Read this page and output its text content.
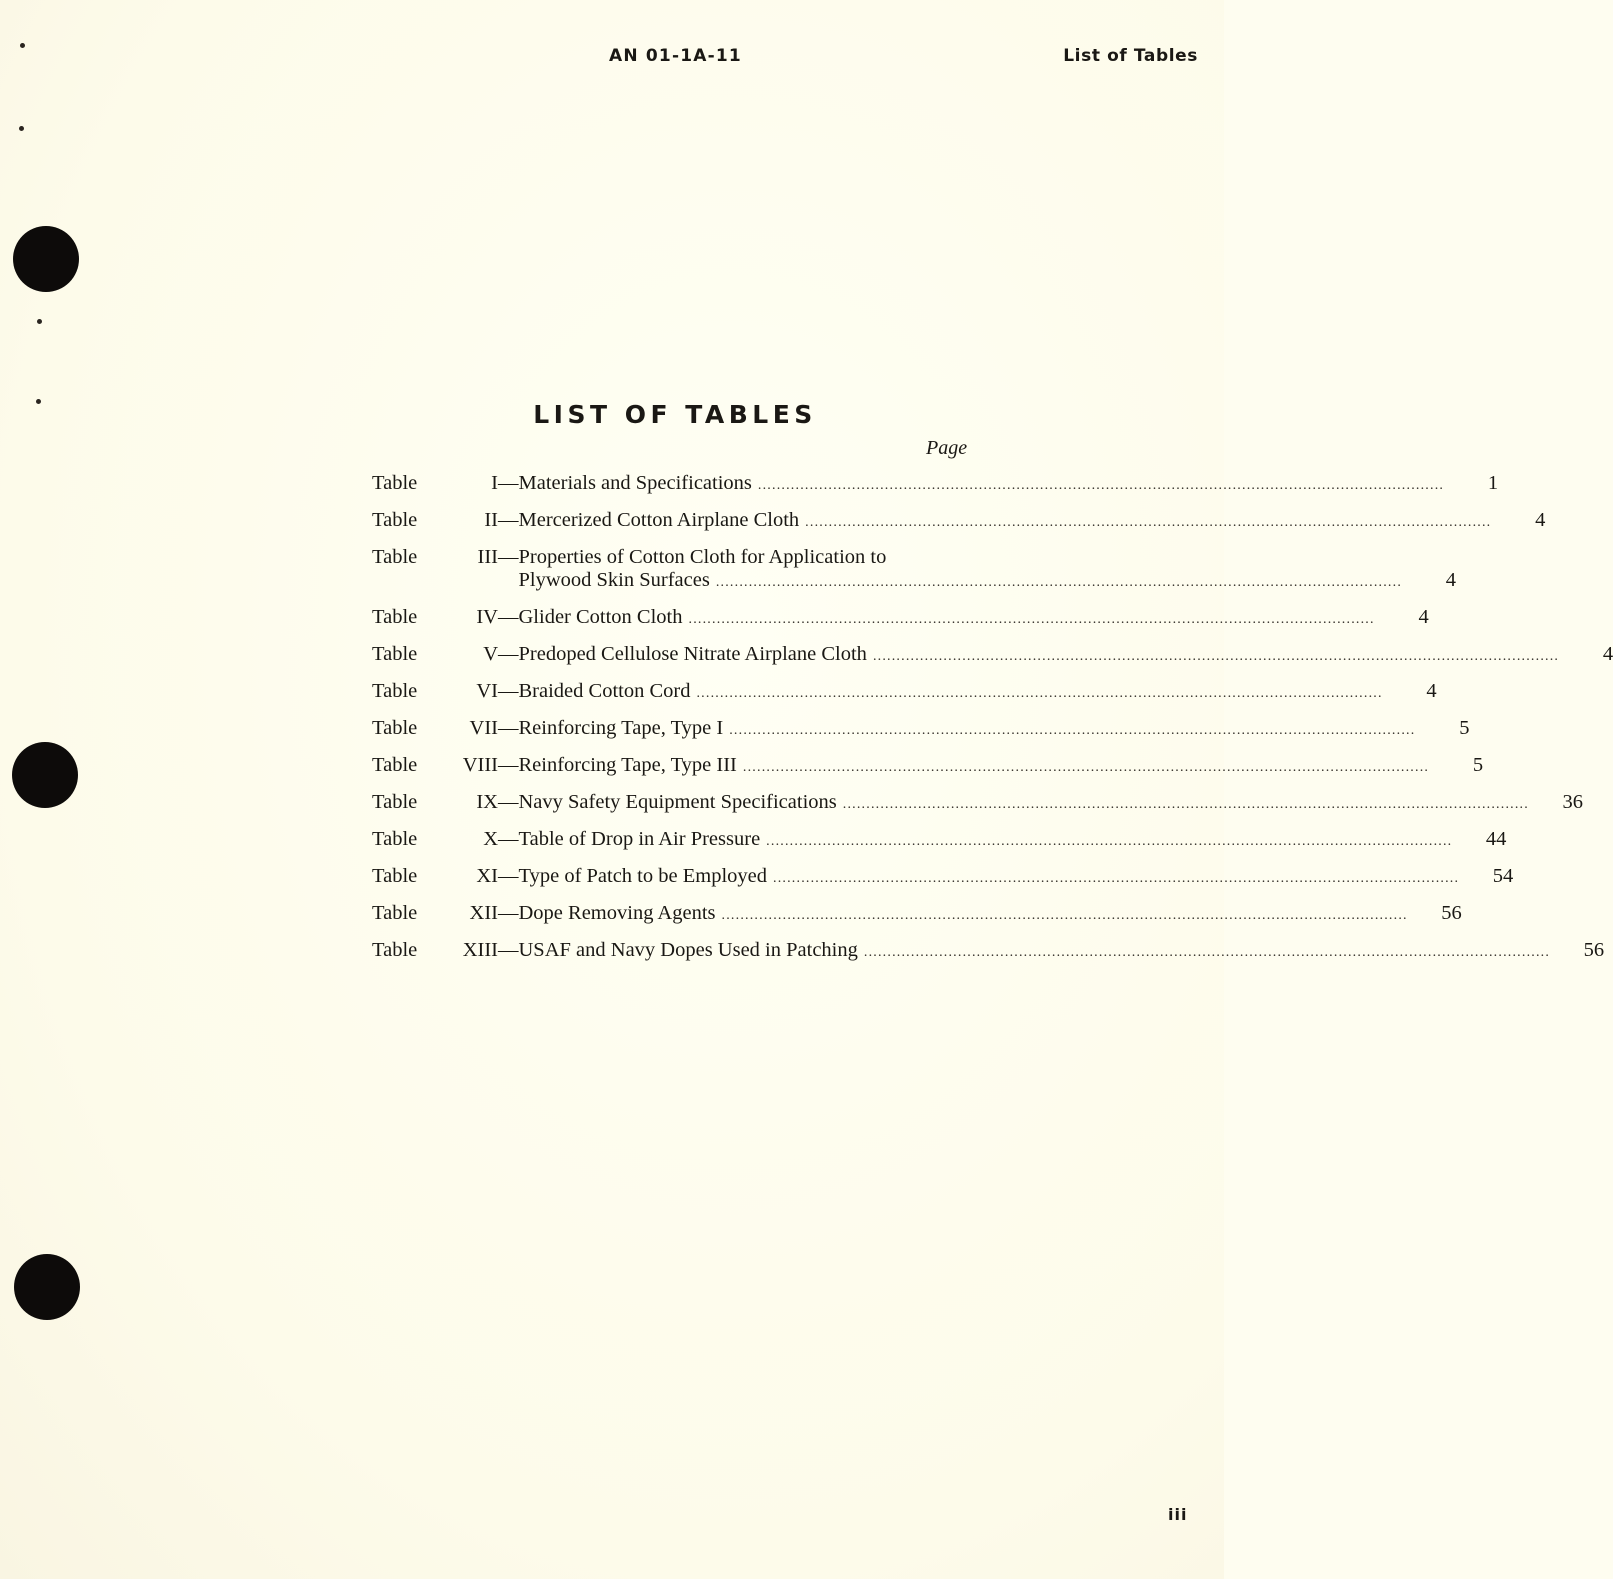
AN 01-1A-11	List of Tables
LIST OF TABLES
Page
Table	I — Materials and Specifications .....	1
Table	II — Mercerized Cotton Airplane Cloth .....	4
Table	III — Properties of Cotton Cloth for Application to
Plywood Skin Surfaces .....	4
Table	IV — Glider Cotton Cloth .....	4
Table	V — Predoped Cellulose Nitrate Airplane Cloth .....	4
Table	VI — Braided Cotton Cord .....	4
Table	VII — Reinforcing Tape, Type I .....	5
Table	VIII — Reinforcing Tape, Type III .....	5
Table	IX — Navy Safety Equipment Specifications .....	36
Table	X — Table of Drop in Air Pressure .....	44
Table	XI — Type of Patch to be Employed .....	54
Table	XII — Dope Removing Agents .....	56
Table	XIII — USAF and Navy Dopes Used in Patching .....	56
iii
